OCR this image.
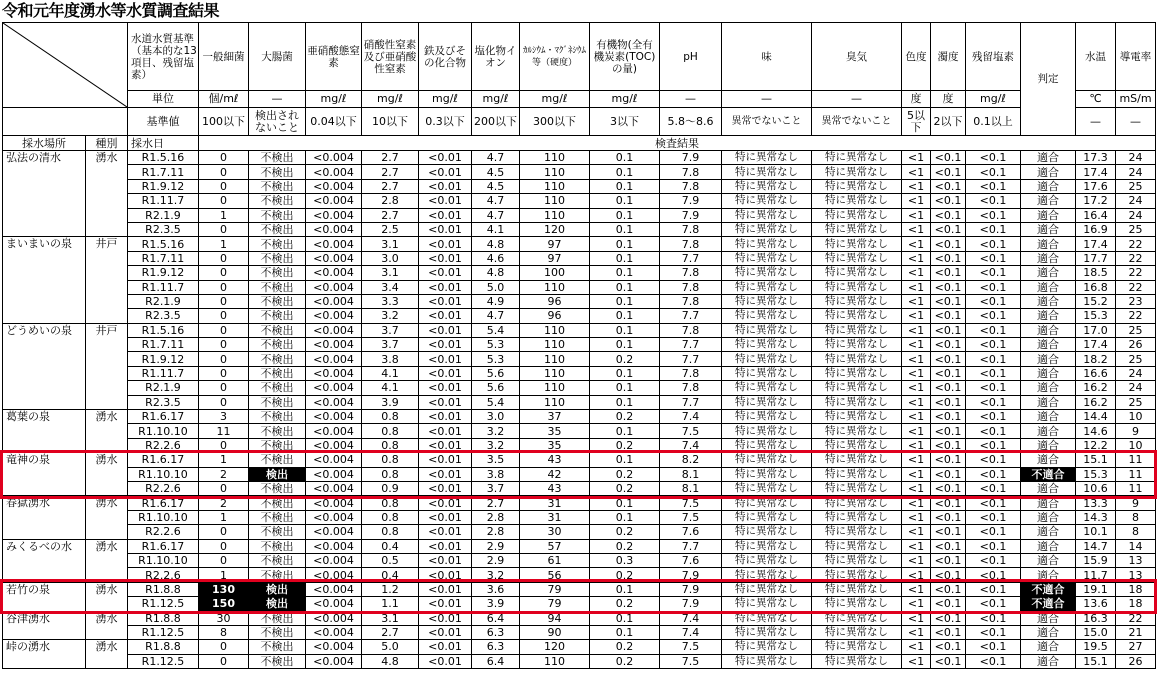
令和元年度湧水等水質調査結果
	水道水質基準（基本的な13項目、残留塩素）	一般細菌	大腸菌	亜硝酸態窒素	硝酸性窒素及び亜硝酸性窒素	鉄及びその化合物	塩化物イオン	ｶﾙｼｳﾑ・ﾏｸﾞﾈｼｳﾑ等（硬度）	有機物(全有機炭素(TOC)の量)	pH	味	臭気	色度	濁度	残留塩素	判定	水温	導電率
		単位	個/mℓ	—	mg/ℓ	mg/ℓ	mg/ℓ	mg/ℓ	mg/ℓ	mg/ℓ	—	—	—	度	度	mg/ℓ		℃	mS/m
		基準値	100以下	検出されないこと	0.04以下	10以下	0.3以下	200以下	300以下	3以下	5.8～8.6	異常でないこと	異常でないこと	5以下	2以下	0.1以上		—	—
採水場所	種別	採水日	検査結果																
弘法の清水	湧水	R1.5.16	0	不検出	<0.004	2.7	<0.01	4.7	110	0.1	7.9	特に異常なし	特に異常なし	<1	<0.1	<0.1	適合	17.3	24
		R1.7.11	0	不検出	<0.004	2.7	<0.01	4.5	110	0.1	7.8	特に異常なし	特に異常なし	<1	<0.1	<0.1	適合	17.4	24
		R1.9.12	0	不検出	<0.004	2.7	<0.01	4.5	110	0.1	7.8	特に異常なし	特に異常なし	<1	<0.1	<0.1	適合	17.6	25
		R1.11.7	0	不検出	<0.004	2.8	<0.01	4.7	110	0.1	7.9	特に異常なし	特に異常なし	<1	<0.1	<0.1	適合	17.2	24
		R2.1.9	1	不検出	<0.004	2.7	<0.01	4.7	110	0.1	7.9	特に異常なし	特に異常なし	<1	<0.1	<0.1	適合	16.4	24
		R2.3.5	0	不検出	<0.004	2.5	<0.01	4.1	120	0.1	7.8	特に異常なし	特に異常なし	<1	<0.1	<0.1	適合	16.9	25
まいまいの泉	井戸	R1.5.16	1	不検出	<0.004	3.1	<0.01	4.8	97	0.1	7.8	特に異常なし	特に異常なし	<1	<0.1	<0.1	適合	17.4	22
		R1.7.11	0	不検出	<0.004	3.0	<0.01	4.6	97	0.1	7.7	特に異常なし	特に異常なし	<1	<0.1	<0.1	適合	17.7	22
		R1.9.12	0	不検出	<0.004	3.1	<0.01	4.8	100	0.1	7.8	特に異常なし	特に異常なし	<1	<0.1	<0.1	適合	18.5	22
		R1.11.7	0	不検出	<0.004	3.4	<0.01	5.0	110	0.1	7.8	特に異常なし	特に異常なし	<1	<0.1	<0.1	適合	16.8	22
		R2.1.9	0	不検出	<0.004	3.3	<0.01	4.9	96	0.1	7.8	特に異常なし	特に異常なし	<1	<0.1	<0.1	適合	15.2	23
		R2.3.5	0	不検出	<0.004	3.2	<0.01	4.7	96	0.1	7.7	特に異常なし	特に異常なし	<1	<0.1	<0.1	適合	15.3	22
どうめいの泉	井戸	R1.5.16	0	不検出	<0.004	3.7	<0.01	5.4	110	0.1	7.8	特に異常なし	特に異常なし	<1	<0.1	<0.1	適合	17.0	25
		R1.7.11	0	不検出	<0.004	3.7	<0.01	5.3	110	0.1	7.7	特に異常なし	特に異常なし	<1	<0.1	<0.1	適合	17.4	26
		R1.9.12	0	不検出	<0.004	3.8	<0.01	5.3	110	0.2	7.7	特に異常なし	特に異常なし	<1	<0.1	<0.1	適合	18.2	25
		R1.11.7	0	不検出	<0.004	4.1	<0.01	5.6	110	0.1	7.8	特に異常なし	特に異常なし	<1	<0.1	<0.1	適合	16.6	24
		R2.1.9	0	不検出	<0.004	4.1	<0.01	5.6	110	0.1	7.8	特に異常なし	特に異常なし	<1	<0.1	<0.1	適合	16.2	24
		R2.3.5	0	不検出	<0.004	3.9	<0.01	5.4	110	0.1	7.7	特に異常なし	特に異常なし	<1	<0.1	<0.1	適合	16.2	25
葛葉の泉	湧水	R1.6.17	3	不検出	<0.004	0.8	<0.01	3.0	37	0.2	7.4	特に異常なし	特に異常なし	<1	<0.1	<0.1	適合	14.4	10
		R1.10.10	11	不検出	<0.004	0.8	<0.01	3.2	35	0.1	7.5	特に異常なし	特に異常なし	<1	<0.1	<0.1	適合	14.6	9
		R2.2.6	0	不検出	<0.004	0.8	<0.01	3.2	35	0.2	7.4	特に異常なし	特に異常なし	<1	<0.1	<0.1	適合	12.2	10
竜神の泉	湧水	R1.6.17	1	不検出	<0.004	0.8	<0.01	3.5	43	0.1	8.2	特に異常なし	特に異常なし	<1	<0.1	<0.1	適合	15.1	11
		R1.10.10	2	検出	<0.004	0.8	<0.01	3.8	42	0.2	8.1	特に異常なし	特に異常なし	<1	<0.1	<0.1	不適合	15.3	11
		R2.2.6	0	不検出	<0.004	0.9	<0.01	3.7	43	0.2	8.1	特に異常なし	特に異常なし	<1	<0.1	<0.1	適合	10.6	11
春獄湧水	湧水	R1.6.17	2	不検出	<0.004	0.8	<0.01	2.7	31	0.1	7.5	特に異常なし	特に異常なし	<1	<0.1	<0.1	適合	13.3	9
		R1.10.10	1	不検出	<0.004	0.8	<0.01	2.8	31	0.1	7.5	特に異常なし	特に異常なし	<1	<0.1	<0.1	適合	14.3	8
		R2.2.6	0	不検出	<0.004	0.8	<0.01	2.8	30	0.2	7.6	特に異常なし	特に異常なし	<1	<0.1	<0.1	適合	10.1	8
みくるべの水	湧水	R1.6.17	0	不検出	<0.004	0.4	<0.01	2.9	57	0.2	7.7	特に異常なし	特に異常なし	<1	<0.1	<0.1	適合	14.7	14
		R1.10.10	0	不検出	<0.004	0.5	<0.01	2.9	61	0.3	7.6	特に異常なし	特に異常なし	<1	<0.1	<0.1	適合	15.9	13
		R2.2.6	1	不検出	<0.004	0.4	<0.01	3.2	56	0.2	7.9	特に異常なし	特に異常なし	<1	<0.1	<0.1	適合	11.7	13
若竹の泉	湧水	R1.8.8	130	検出	<0.004	1.2	<0.01	3.6	79	0.1	7.9	特に異常なし	特に異常なし	<1	<0.1	<0.1	不適合	19.1	18
		R1.12.5	150	検出	<0.004	1.1	<0.01	3.9	79	0.2	7.9	特に異常なし	特に異常なし	<1	<0.1	<0.1	不適合	13.6	18
谷津湧水	湧水	R1.8.8	30	不検出	<0.004	3.1	<0.01	6.4	94	0.1	7.4	特に異常なし	特に異常なし	<1	<0.1	<0.1	適合	16.3	22
		R1.12.5	8	不検出	<0.004	2.7	<0.01	6.3	90	0.1	7.4	特に異常なし	特に異常なし	<1	<0.1	<0.1	適合	15.0	21
峠の湧水	湧水	R1.8.8	0	不検出	<0.004	5.0	<0.01	6.3	120	0.2	7.5	特に異常なし	特に異常なし	<1	<0.1	<0.1	適合	19.5	27
		R1.12.5	0	不検出	<0.004	4.8	<0.01	6.4	110	0.2	7.5	特に異常なし	特に異常なし	<1	<0.1	<0.1	適合	15.1	26
